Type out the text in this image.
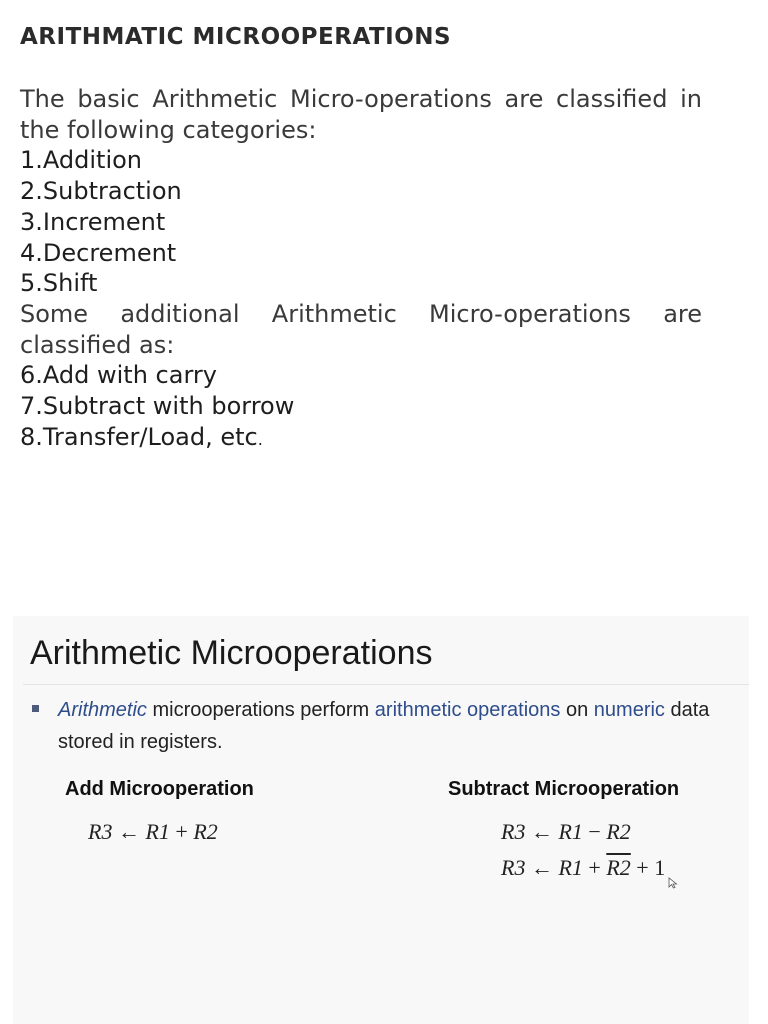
ARITHMATIC MICROOPERATIONS
The basic Arithmetic Micro-operations are classified in the following categories:
1.Addition
2.Subtraction
3.Increment
4.Decrement
5.Shift
Some additional Arithmetic Micro-operations are classified as:
6.Add with carry
7.Subtract with borrow
8.Transfer/Load, etc.
Arithmetic Microoperations
Arithmetic microoperations perform arithmetic operations on numeric data stored in registers.
Add Microoperation	Subtract Microoperation
R3 ← R1 + R2	R3 ← R1 − R2
R3 ← R1 + R2 + 1
